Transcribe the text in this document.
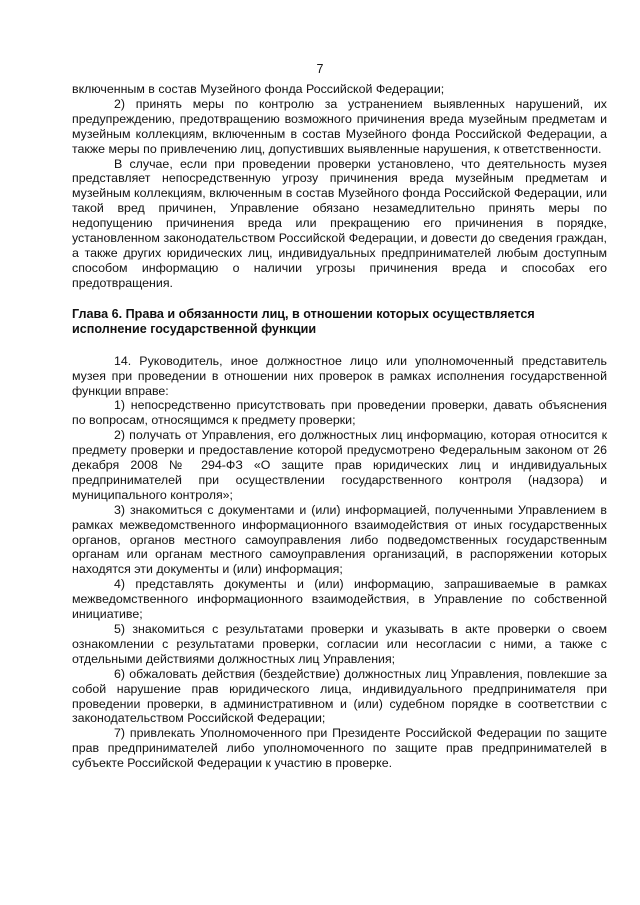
7

включенным в состав Музейного фонда Российской Федерации;

2) принять меры по контролю за устранением выявленных нарушений, их предупреждению, предотвращению возможного причинения вреда музейным предметам и музейным коллекциям, включенным в состав Музейного фонда Российской Федерации, а также меры по привлечению лиц, допустивших выявленные нарушения, к ответственности.

В случае, если при проведении проверки установлено, что деятельность музея представляет непосредственную угрозу причинения вреда музейным предметам и музейным коллекциям, включенным в состав Музейного фонда Российской Федерации, или такой вред причинен, Управление обязано незамедлительно принять меры по недопущению причинения вреда или прекращению его причинения в порядке, установленном законодательством Российской Федерации, и довести до сведения граждан, а также других юридических лиц, индивидуальных предпринимателей любым доступным способом информацию о наличии угрозы причинения вреда и способах его предотвращения.

Глава 6. Права и обязанности лиц, в отношении которых осуществляется

исполнение государственной функции

14. Руководитель, иное должностное лицо или уполномоченный представитель музея при проведении в отношении них проверок в рамках исполнения государственной функции вправе:

1) непосредственно присутствовать при проведении проверки, давать объяснения по вопросам, относящимся к предмету проверки;

2) получать от Управления, его должностных лиц информацию, которая относится к предмету проверки и предоставление которой предусмотрено Федеральным законом от 26 декабря 2008 № 294-ФЗ «О защите прав юридических лиц и индивидуальных предпринимателей при осуществлении государственного контроля (надзора) и муниципального контроля»;

3) знакомиться с документами и (или) информацией, полученными Управлением в рамках межведомственного информационного взаимодействия от иных государственных органов, органов местного самоуправления либо подведомственных государственным органам или органам местного самоуправления организаций, в распоряжении которых находятся эти документы и (или) информация;

4) представлять документы и (или) информацию, запрашиваемые в рамках межведомственного информационного взаимодействия, в Управление по собственной инициативе;

5) знакомиться с результатами проверки и указывать в акте проверки о своем ознакомлении с результатами проверки, согласии или несогласии с ними, а также с отдельными действиями должностных лиц Управления;

6) обжаловать действия (бездействие) должностных лиц Управления, повлекшие за собой нарушение прав юридического лица, индивидуального предпринимателя при проведении проверки, в административном и (или) судебном порядке в соответствии с законодательством Российской Федерации;

7) привлекать Уполномоченного при Президенте Российской Федерации по защите прав предпринимателей либо уполномоченного по защите прав предпринимателей в субъекте Российской Федерации к участию в проверке.
